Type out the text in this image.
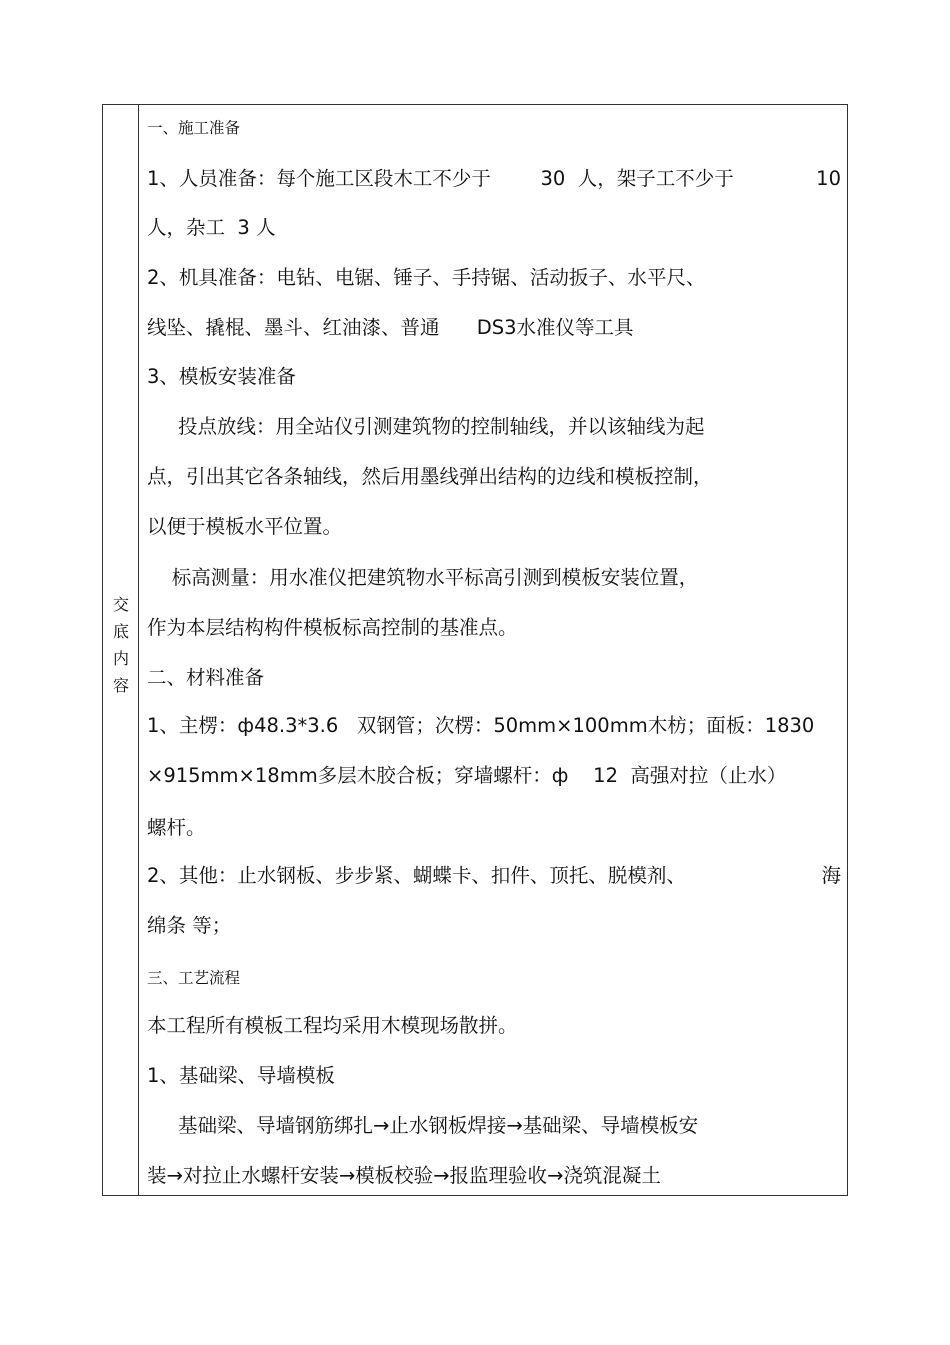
交
底
内
容
一、施工准备
1、人员准备：每个施工区段木工不少于        30  人，架子工不少于	10
人，杂工  3 人
2、机具准备：电钻、电锯、锤子、手持锯、活动扳子、水平尺、
线坠、撬棍、墨斗、红油漆、普通      DS3水准仪等工具
3、模板安装准备
投点放线：用全站仪引测建筑物的控制轴线，并以该轴线为起
点，引出其它各条轴线，然后用墨线弹出结构的边线和模板控制，
以便于模板水平位置。
标高测量：用水准仪把建筑物水平标高引测到模板安装位置，
作为本层结构构件模板标高控制的基准点。
二、材料准备
1、主楞：ф48.3*3.6   双钢管；次楞：50mm×100mm木枋；面板：1830
×915mm×18mm多层木胶合板；穿墙螺杆：ф    12  高强对拉（止水）
螺杆。
2、其他：止水钢板、步步紧、蝴蝶卡、扣件、顶托、脱模剂、	海
绵条 等；
三、工艺流程
本工程所有模板工程均采用木模现场散拼。
1、基础梁、导墙模板
基础梁、导墙钢筋绑扎→止水钢板焊接→基础梁、导墙模板安
装→对拉止水螺杆安装→模板校验→报监理验收→浇筑混凝土
